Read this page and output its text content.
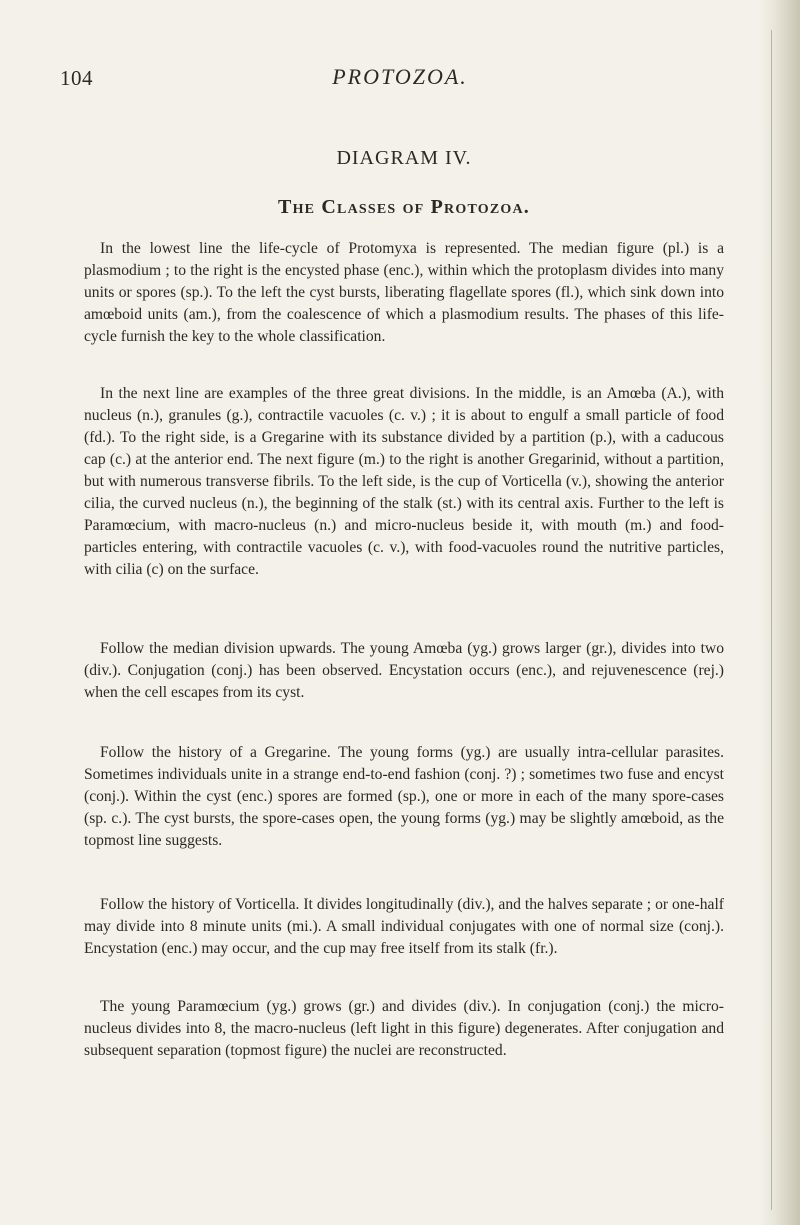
104	PROTOZOA.
DIAGRAM IV.
The Classes of Protozoa.

In the lowest line the life-cycle of Protomyxa is represented. The median figure (pl.) is a plasmodium ; to the right is the encysted phase (enc.), within which the protoplasm divides into many units or spores (sp.). To the left the cyst bursts, liberating flagellate spores (fl.), which sink down into amœboid units (am.), from the coalescence of which a plasmodium results. The phases of this life-cycle furnish the key to the whole classification.

In the next line are examples of the three great divisions. In the middle, is an Amœba (A.), with nucleus (n.), granules (g.), contractile vacuoles (c. v.) ; it is about to engulf a small particle of food (fd.). To the right side, is a Gregarine with its substance divided by a partition (p.), with a caducous cap (c.) at the anterior end. The next figure (m.) to the right is another Gregarinid, without a partition, but with numerous transverse fibrils. To the left side, is the cup of Vorticella (v.), showing the anterior cilia, the curved nucleus (n.), the beginning of the stalk (st.) with its central axis. Further to the left is Paramœcium, with macro-nucleus (n.) and micro-nucleus beside it, with mouth (m.) and food-particles entering, with contractile vacuoles (c. v.), with food-vacuoles round the nutritive particles, with cilia (c) on the surface.

Follow the median division upwards. The young Amœba (yg.) grows larger (gr.), divides into two (div.). Conjugation (conj.) has been observed. Encystation occurs (enc.), and rejuvenescence (rej.) when the cell escapes from its cyst.

Follow the history of a Gregarine. The young forms (yg.) are usually intra-cellular parasites. Sometimes individuals unite in a strange end-to-end fashion (conj. ?) ; sometimes two fuse and encyst (conj.). Within the cyst (enc.) spores are formed (sp.), one or more in each of the many spore-cases (sp. c.). The cyst bursts, the spore-cases open, the young forms (yg.) may be slightly amœboid, as the topmost line suggests.

Follow the history of Vorticella. It divides longitudinally (div.), and the halves separate ; or one-half may divide into 8 minute units (mi.). A small individual conjugates with one of normal size (conj.). Encystation (enc.) may occur, and the cup may free itself from its stalk (fr.).

The young Paramœcium (yg.) grows (gr.) and divides (div.). In conjugation (conj.) the micro-nucleus divides into 8, the macro-nucleus (left light in this figure) degenerates. After conjugation and subsequent separation (topmost figure) the nuclei are reconstructed.
